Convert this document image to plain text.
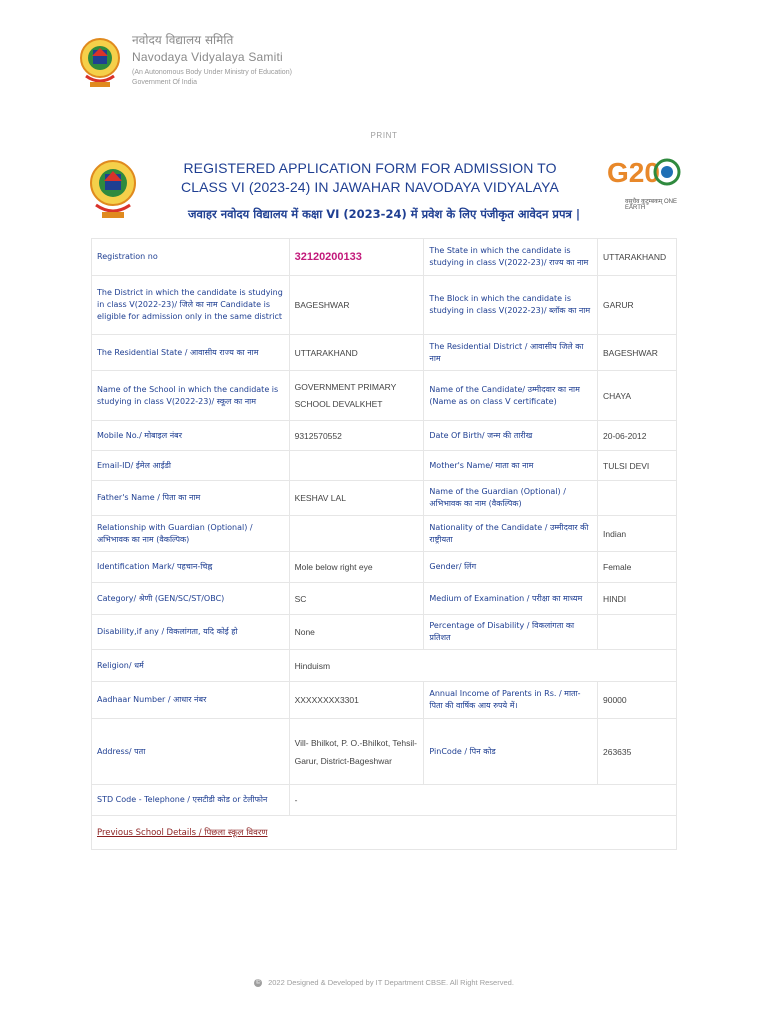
नवोदय विद्यालय समिति

Navodaya Vidyalaya Samiti

(An Autonomous Body Under Ministry of Education)
Government Of India

PRINT
REGISTERED APPLICATION FORM FOR ADMISSION TO
CLASS VI (2023-24) IN JAWAHAR NAVODAYA VIDYALAYA	G20
वसुधैव कुटुम्बकम् ONE EARTH
जवाहर नवोदय विद्यालय में कक्षा VI (2023-24) में प्रवेश के लिए पंजीकृत आवेदन प्रपत्र |
Registration no	32120200133	The State in which the candidate is studying in class V(2022-23)/ राज्य का नाम	UTTARAKHAND
The District in which the candidate is studying in class V(2022-23)/ जिले का नाम Candidate is eligible for admission only in the same district	BAGESHWAR	The Block in which the candidate is studying in class V(2022-23)/ ब्लॉक का नाम	GARUR
The Residential State / आवासीय राज्य का नाम	UTTARAKHAND	The Residential District / आवासीय जिले का नाम	BAGESHWAR
Name of the School in which the candidate is studying in class V(2022-23)/ स्कूल का नाम	GOVERNMENT PRIMARY SCHOOL DEVALKHET	Name of the Candidate/ उम्मीदवार का नाम (Name as on class V certificate)	CHAYA
Mobile No./ मोबाइल नंबर	9312570552	Date Of Birth/ जन्म की तारीख	20-06-2012
Email-ID/ ईमेल आईडी		Mother's Name/ माता का नाम	TULSI DEVI
Father's Name / पिता का नाम	KESHAV LAL	Name of the Guardian (Optional) / अभिभावक का नाम (वैकल्पिक)	
Relationship with Guardian (Optional) / अभिभावक का नाम (वैकल्पिक)		Nationality of the Candidate / उम्मीदवार की राष्ट्रीयता	Indian
Identification Mark/ पहचान-चिह्न	Mole below right eye	Gender/ लिंग	Female
Category/ श्रेणी (GEN/SC/ST/OBC)	SC	Medium of Examination / परीक्षा का माध्यम	HINDI
Disability,if any / विकलांगता, यदि कोई हो	None	Percentage of Disability / विकलांगता का प्रतिशत	
Religion/ धर्म	Hinduism		
Aadhaar Number / आधार नंबर	XXXXXXXX3301	Annual Income of Parents in Rs. / माता-पिता की वार्षिक आय रुपये में।	90000
Address/ पता	Vill- Bhilkot, P. O.-Bhilkot, Tehsil-Garur, District-Bageshwar	PinCode / पिन कोड	263635
STD Code - Telephone / एसटीडी कोड or टेलीफोन	-		
Previous School Details / पिछला स्कूल विवरण			
© 2022 Designed & Developed by IT Department CBSE. All Right Reserved.
